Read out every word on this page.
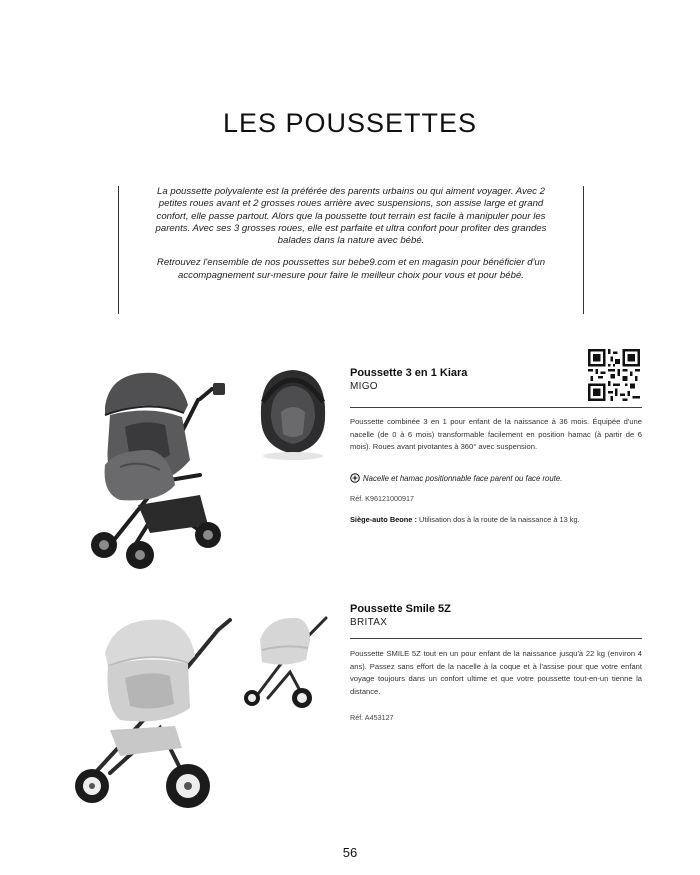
LES POUSSETTES

La poussette polyvalente est la préférée des parents urbains ou qui aiment voyager. Avec 2 petites roues avant et 2 grosses roues arrière avec suspensions, son assise large et grand confort, elle passe partout. Alors que la poussette tout terrain est facile à manipuler pour les parents. Avec ses 3 grosses roues, elle est parfaite et ultra confort pour profiter des grandes balades dans la nature avec bébé.

Retrouvez l'ensemble de nos poussettes sur bebe9.com et en magasin pour bénéficier d'un accompagnement sur-mesure pour faire le meilleur choix pour vous et pour bébé.

Poussette 3 en 1 Kiara
MIGO

Poussette combinée 3 en 1 pour enfant de la naissance à 36 mois. Équipée d'une nacelle (de 0 à 6 mois) transformable facilement en position hamac (à partir de 6 mois). Roues avant pivotantes à 360° avec suspension.

Nacelle et hamac positionnable face parent ou face route.
Réf. K96121000917
Siège-auto Beone : Utilisation dos à la route de la naissance à 13 kg.
Poussette Smile 5Z
BRITAX

Poussette SMILE 5Z tout en un pour enfant de la naissance jusqu'à 22 kg (environ 4 ans). Passez sans effort de la nacelle à la coque et à l'assise pour que votre enfant voyage toujours dans un confort ultime et que votre poussette tout-en-un tienne la distance.

Réf. A453127
56
